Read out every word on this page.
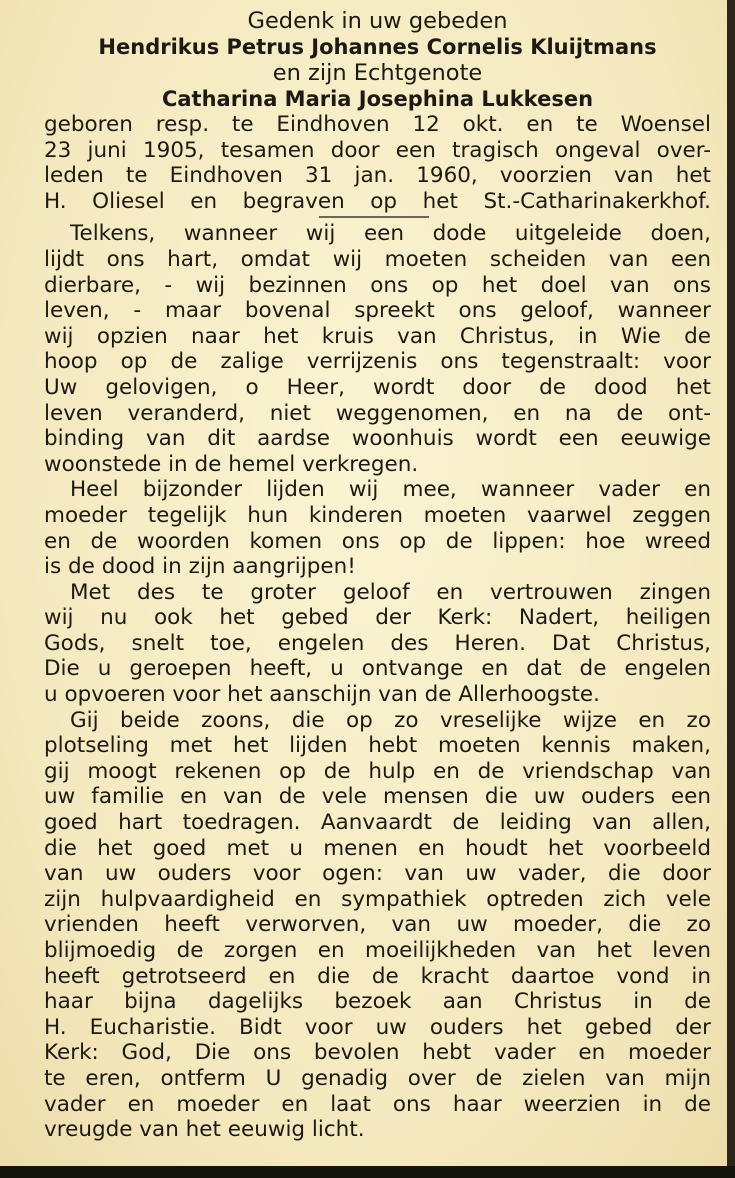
Gedenk in uw gebeden

Hendrikus Petrus Johannes Cornelis Kluijtmans

en zijn Echtgenote

Catharina Maria Josephina Lukkesen

geboren resp. te Eindhoven 12 okt. en te Woensel
23 juni 1905, tesamen door een tragisch ongeval over-
leden te Eindhoven 31 jan. 1960, voorzien van het
H. Oliesel en begraven op het St.-Catharinakerkhof.
Telkens, wanneer wij een dode uitgeleide doen,
lijdt ons hart, omdat wij moeten scheiden van een
dierbare, - wij bezinnen ons op het doel van ons
leven, - maar bovenal spreekt ons geloof, wanneer
wij opzien naar het kruis van Christus, in Wie de
hoop op de zalige verrijzenis ons tegenstraalt: voor
Uw gelovigen, o Heer, wordt door de dood het
leven veranderd, niet weggenomen, en na de ont-
binding van dit aardse woonhuis wordt een eeuwige
woonstede in de hemel verkregen.
Heel bijzonder lijden wij mee, wanneer vader en
moeder tegelijk hun kinderen moeten vaarwel zeggen
en de woorden komen ons op de lippen: hoe wreed
is de dood in zijn aangrijpen!
Met des te groter geloof en vertrouwen zingen
wij nu ook het gebed der Kerk: Nadert, heiligen
Gods, snelt toe, engelen des Heren. Dat Christus,
Die u geroepen heeft, u ontvange en dat de engelen
u opvoeren voor het aanschijn van de Allerhoogste.
Gij beide zoons, die op zo vreselijke wijze en zo
plotseling met het lijden hebt moeten kennis maken,
gij moogt rekenen op de hulp en de vriendschap van
uw familie en van de vele mensen die uw ouders een
goed hart toedragen. Aanvaardt de leiding van allen,
die het goed met u menen en houdt het voorbeeld
van uw ouders voor ogen: van uw vader, die door
zijn hulpvaardigheid en sympathiek optreden zich vele
vrienden heeft verworven, van uw moeder, die zo
blijmoedig de zorgen en moeilijkheden van het leven
heeft getrotseerd en die de kracht daartoe vond in
haar bijna dagelijks bezoek aan Christus in de
H. Eucharistie. Bidt voor uw ouders het gebed der
Kerk: God, Die ons bevolen hebt vader en moeder
te eren, ontferm U genadig over de zielen van mijn
vader en moeder en laat ons haar weerzien in de
vreugde van het eeuwig licht.
